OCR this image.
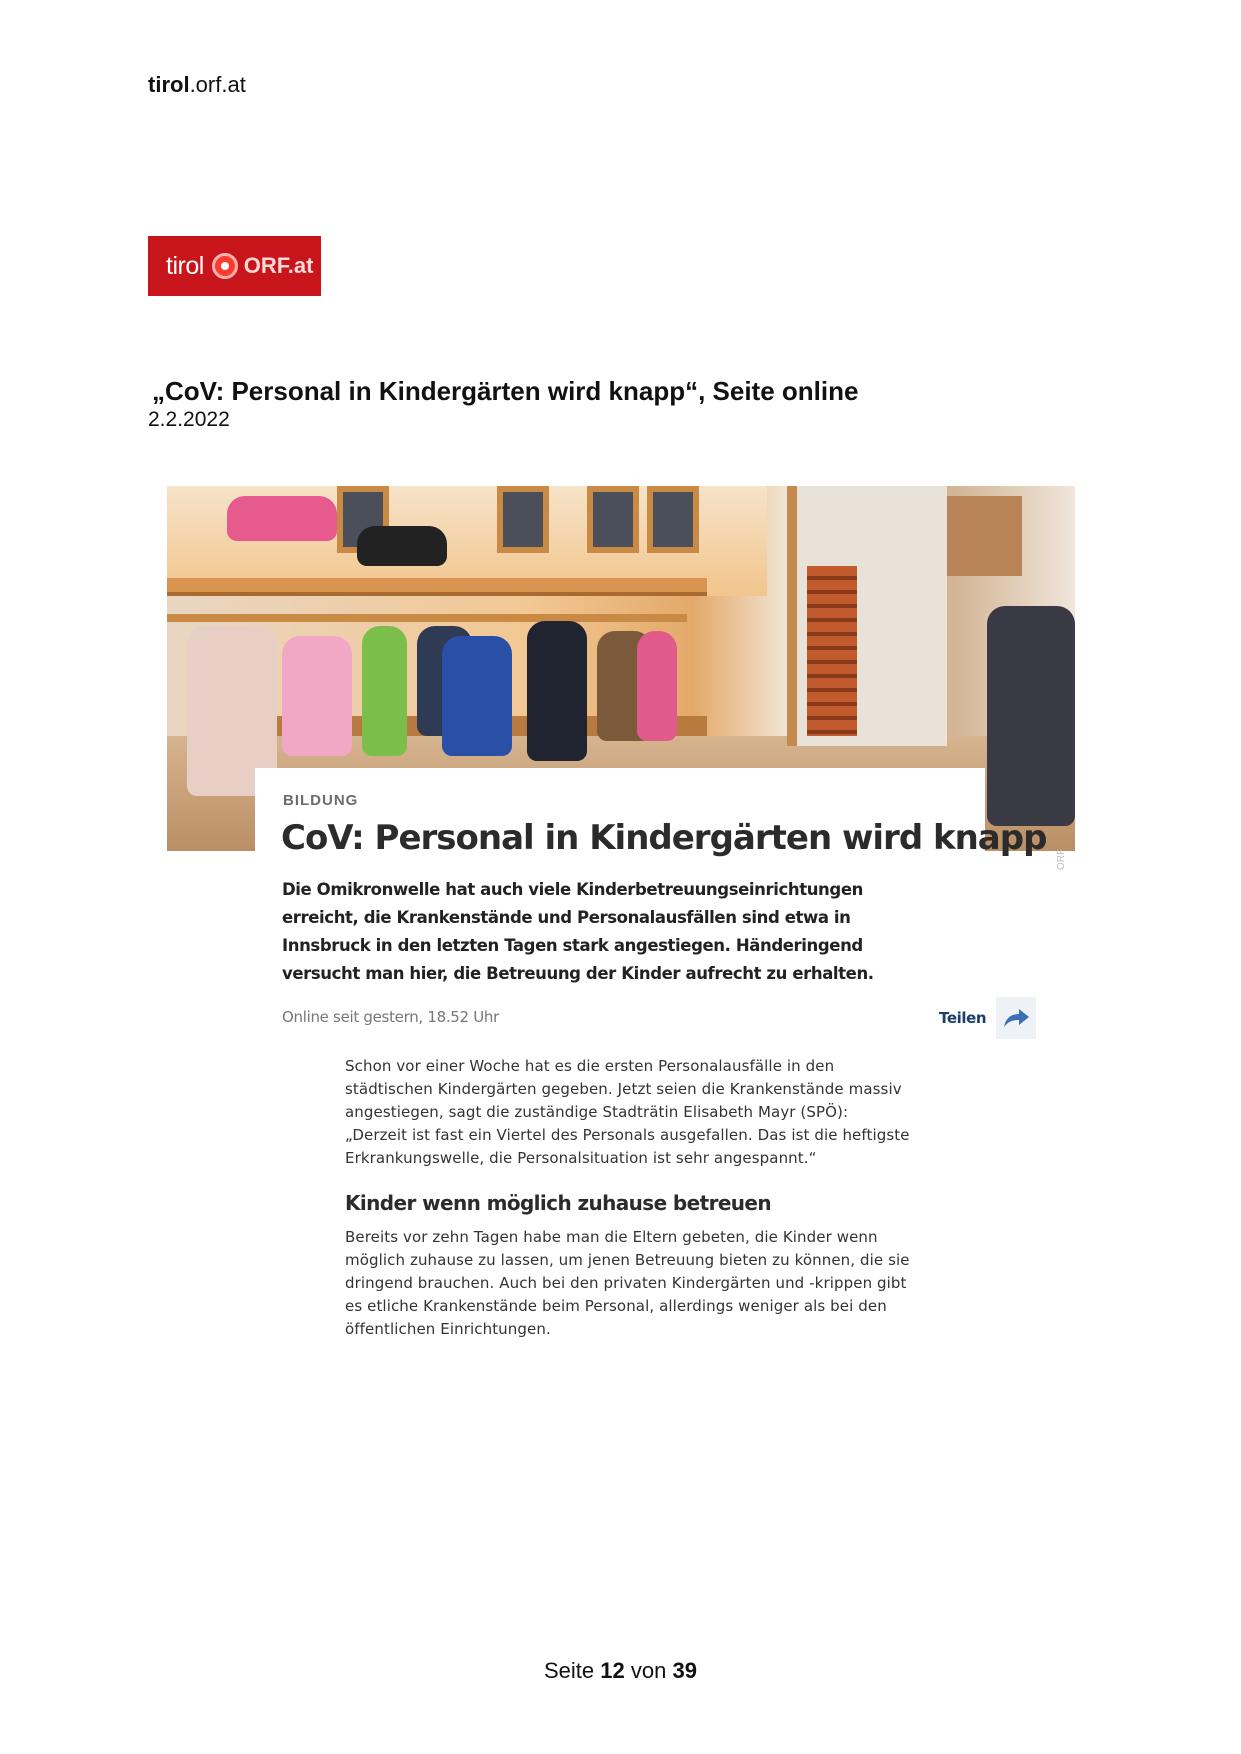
tirol.orf.at
tirol ORF.at
„CoV: Personal in Kindergärten wird knapp“, Seite online
2.2.2022
ORF
BILDUNG
CoV: Personal in Kindergärten wird knapp
Die Omikronwelle hat auch viele Kinderbetreuungseinrichtungen erreicht, die Krankenstände und Personalausfällen sind etwa in Innsbruck in den letzten Tagen stark angestiegen. Händeringend versucht man hier, die Betreuung der Kinder aufrecht zu erhalten.
Online seit gestern, 18.52 Uhr	Teilen
Schon vor einer Woche hat es die ersten Personalausfälle in den städtischen Kindergärten gegeben. Jetzt seien die Krankenstände massiv angestiegen, sagt die zuständige Stadträtin Elisabeth Mayr (SPÖ): „Derzeit ist fast ein Viertel des Personals ausgefallen. Das ist die heftigste Erkrankungswelle, die Personalsituation ist sehr angespannt.“
Kinder wenn möglich zuhause betreuen
Bereits vor zehn Tagen habe man die Eltern gebeten, die Kinder wenn möglich zuhause zu lassen, um jenen Betreuung bieten zu können, die sie dringend brauchen. Auch bei den privaten Kindergärten und -krippen gibt es etliche Krankenstände beim Personal, allerdings weniger als bei den öffentlichen Einrichtungen.
Seite 12 von 39
